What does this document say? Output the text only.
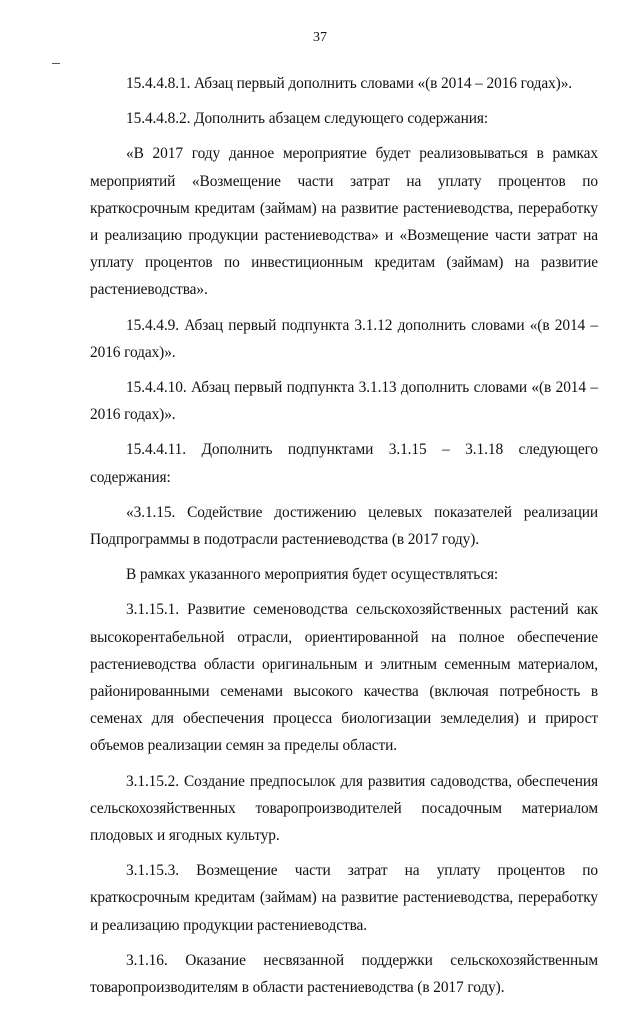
37

15.4.4.8.1. Абзац первый дополнить словами «(в 2014 – 2016 годах)».

15.4.4.8.2. Дополнить абзацем следующего содержания:

«В 2017 году данное мероприятие будет реализовываться в рамках мероприятий «Возмещение части затрат на уплату процентов по краткосрочным кредитам (займам) на развитие растениеводства, переработку и реализацию продукции растениеводства» и «Возмещение части затрат на уплату процентов по инвестиционным кредитам (займам) на развитие растениеводства».

15.4.4.9. Абзац первый подпункта 3.1.12 дополнить словами «(в 2014 – 2016 годах)».

15.4.4.10. Абзац первый подпункта 3.1.13 дополнить словами «(в 2014 – 2016 годах)».

15.4.4.11. Дополнить подпунктами 3.1.15 – 3.1.18 следующего содержания:

«3.1.15. Содействие достижению целевых показателей реализации Подпрограммы в подотрасли растениеводства (в 2017 году).

В рамках указанного мероприятия будет осуществляться:

3.1.15.1. Развитие семеноводства сельскохозяйственных растений как высокорентабельной отрасли, ориентированной на полное обеспечение растениеводства области оригинальным и элитным семенным материалом, районированными семенами высокого качества (включая потребность в семенах для обеспечения процесса биологизации земледелия) и прирост объемов реализации семян за пределы области.

3.1.15.2. Создание предпосылок для развития садоводства, обеспечения сельскохозяйственных товаропроизводителей посадочным материалом плодовых и ягодных культур.

3.1.15.3. Возмещение части затрат на уплату процентов по краткосрочным кредитам (займам) на развитие растениеводства, переработку и реализацию продукции растениеводства.

3.1.16. Оказание несвязанной поддержки сельскохозяйственным товаропроизводителям в области растениеводства (в 2017 году).
